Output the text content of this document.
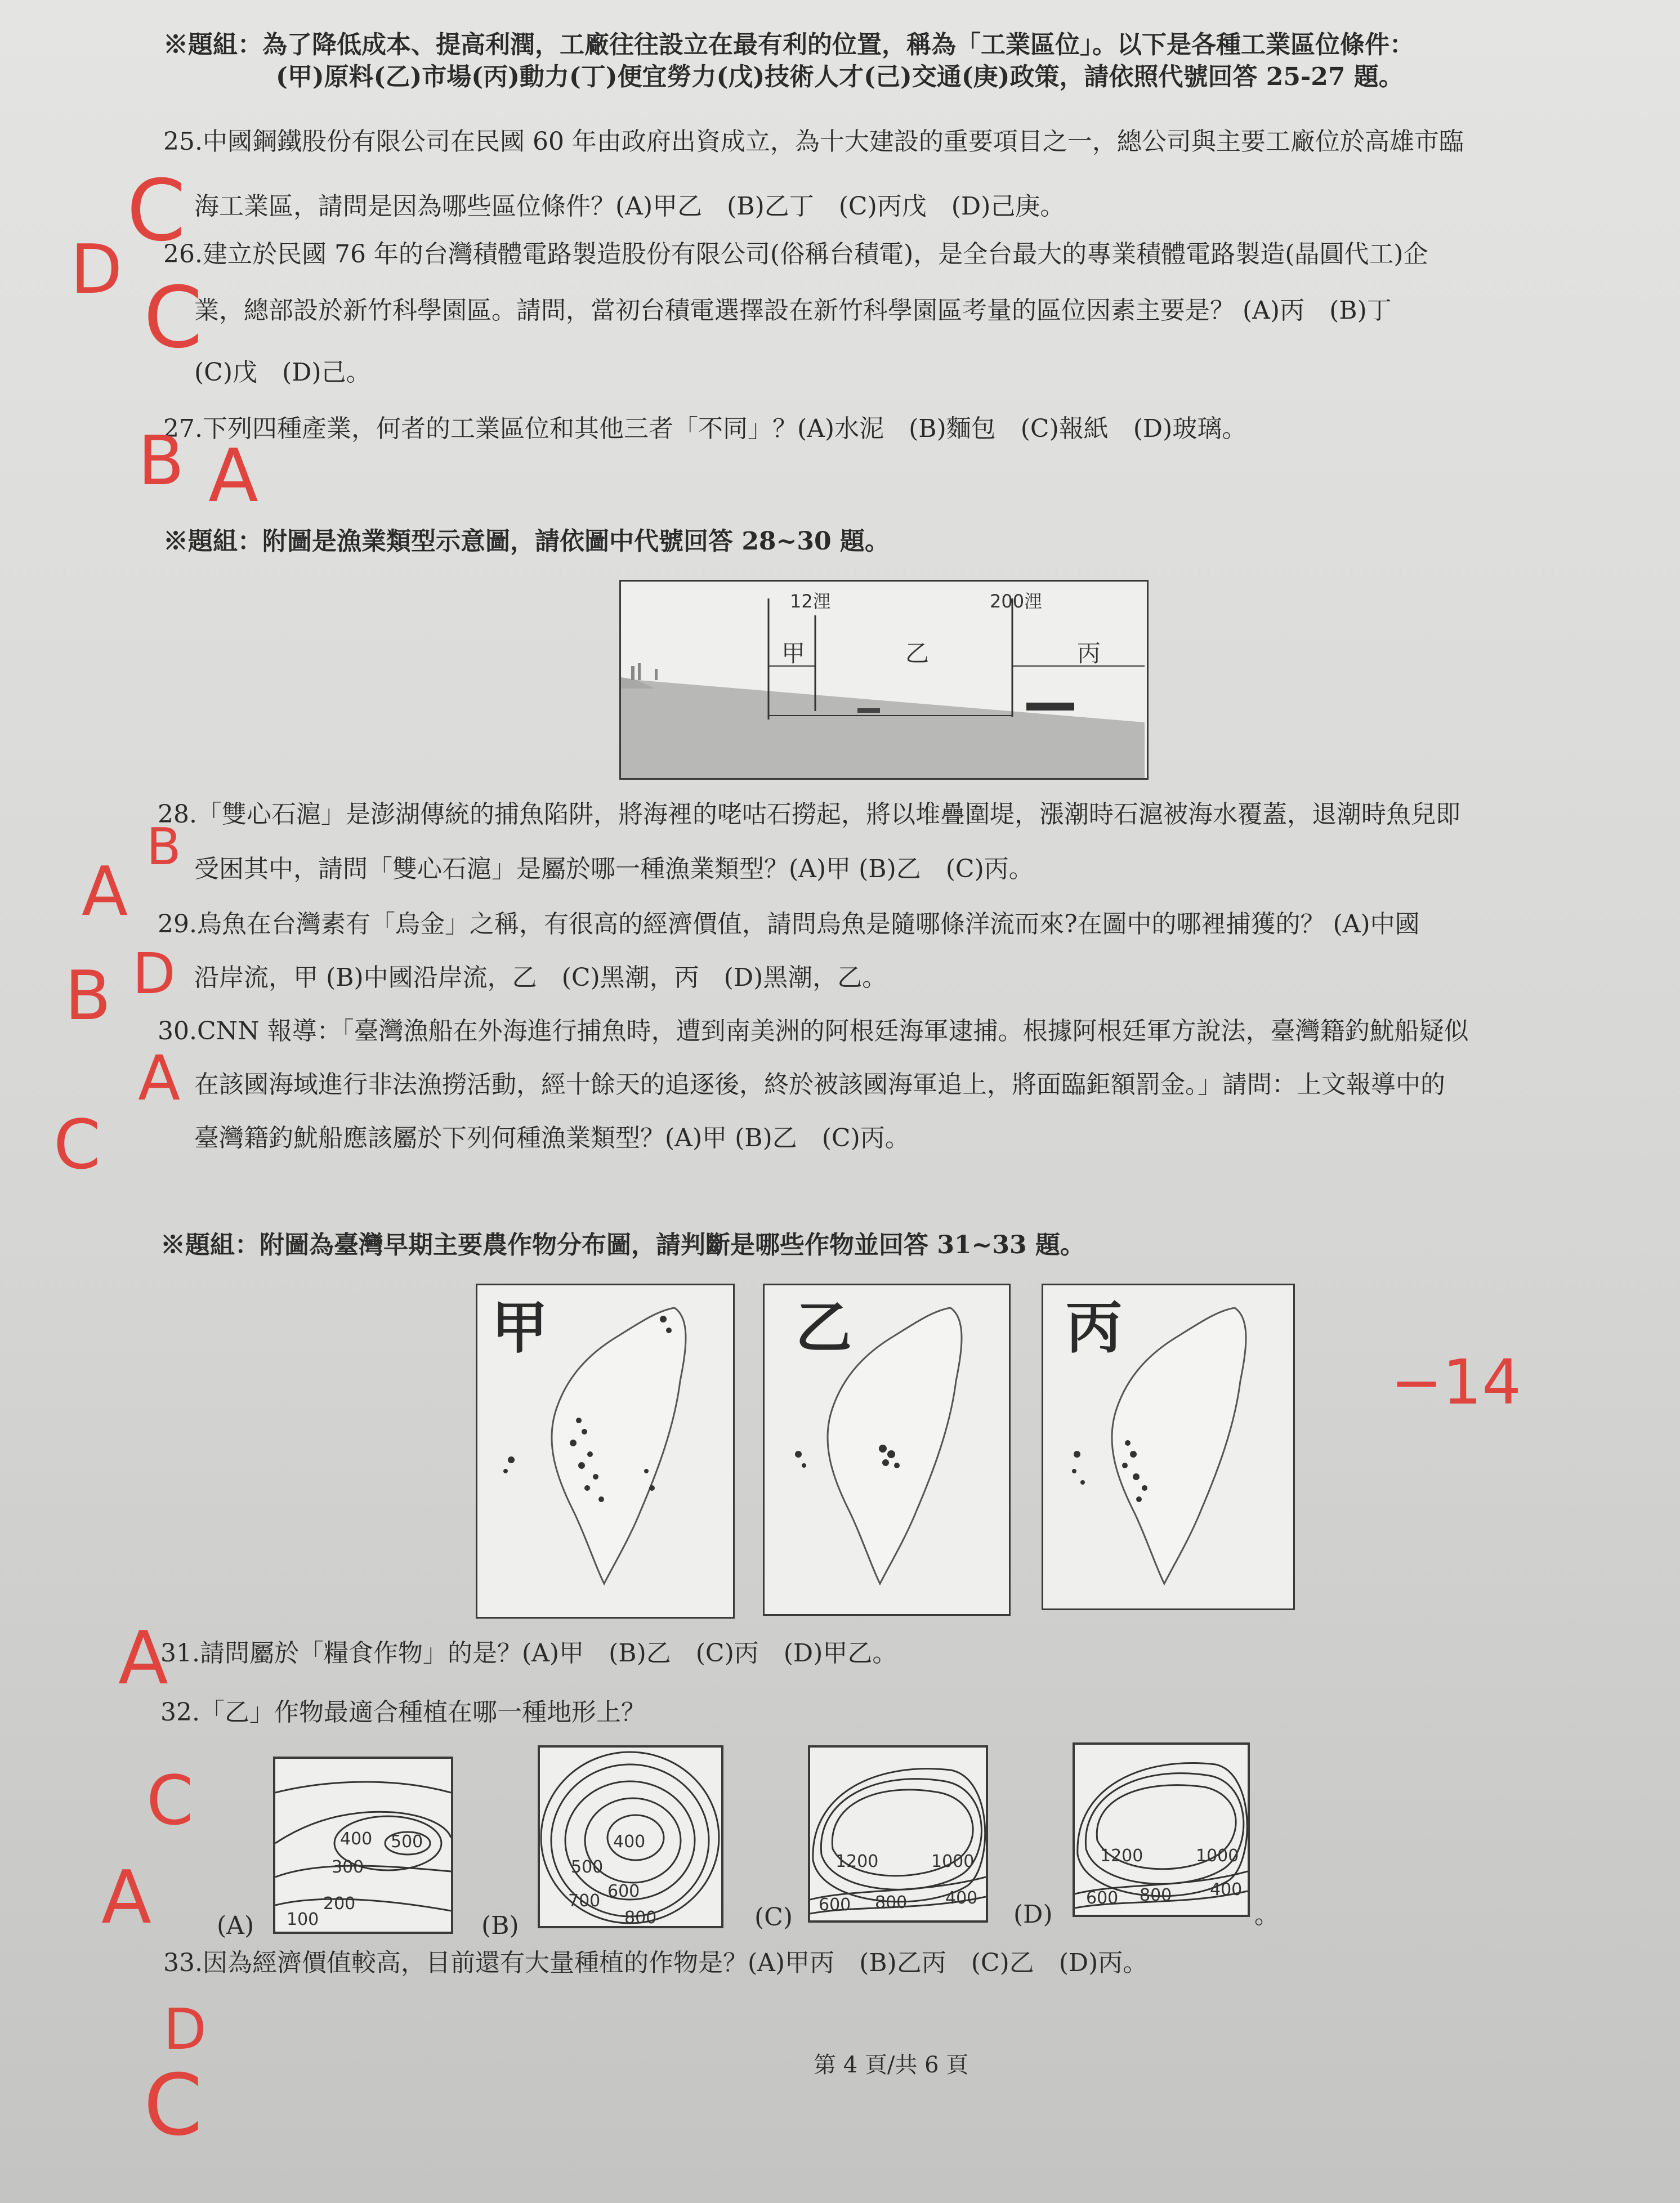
※題組：為了降低成本、提高利潤，工廠往往設立在最有利的位置，稱為「工業區位」。以下是各種工業區位條件：
(甲)原料(乙)市場(丙)動力(丁)便宜勞力(戊)技術人才(己)交通(庚)政策，請依照代號回答 25-27 題。
25.中國鋼鐵股份有限公司在民國 60 年由政府出資成立，為十大建設的重要項目之一，總公司與主要工廠位於高雄市臨
海工業區，請問是因為哪些區位條件？(A)甲乙　(B)乙丁　(C)丙戊　(D)己庚。
26.建立於民國 76 年的台灣積體電路製造股份有限公司(俗稱台積電)，是全台最大的專業積體電路製造(晶圓代工)企
業，總部設於新竹科學園區。請問，當初台積電選擇設在新竹科學園區考量的區位因素主要是？ (A)丙　(B)丁
(C)戊　(D)己。
27.下列四種產業，何者的工業區位和其他三者「不同」？(A)水泥　(B)麵包　(C)報紙　(D)玻璃。
※題組：附圖是漁業類型示意圖，請依圖中代號回答 28~30 題。
12浬	200浬
甲	乙	丙
28.「雙心石滬」是澎湖傳統的捕魚陷阱，將海裡的咾咕石撈起，將以堆疊圍堤，漲潮時石滬被海水覆蓋，退潮時魚兒即
受困其中，請問「雙心石滬」是屬於哪一種漁業類型？(A)甲 (B)乙　(C)丙。
29.烏魚在台灣素有「烏金」之稱，有很高的經濟價值，請問烏魚是隨哪條洋流而來?在圖中的哪裡捕獲的？ (A)中國
沿岸流，甲 (B)中國沿岸流，乙　(C)黑潮，丙　(D)黑潮，乙。
30.CNN 報導：「臺灣漁船在外海進行捕魚時，遭到南美洲的阿根廷海軍逮捕。根據阿根廷軍方說法，臺灣籍釣魷船疑似
在該國海域進行非法漁撈活動，經十餘天的追逐後，終於被該國海軍追上，將面臨鉅額罰金。」請問：上文報導中的
臺灣籍釣魷船應該屬於下列何種漁業類型？(A)甲 (B)乙　(C)丙。
※題組：附圖為臺灣早期主要農作物分布圖，請判斷是哪些作物並回答 31~33 題。
甲	乙	丙
31.請問屬於「糧食作物」的是？(A)甲　(B)乙　(C)丙　(D)甲乙。
32.「乙」作物最適合種植在哪一種地形上？
(A)
400 500
300
200
100	(B)
400
500
600
700
800	(C)
1200	1000
600 800 400
(D)
1200	1000
600 800 400
。
33.因為經濟價值較高，目前還有大量種植的作物是？(A)甲丙　(B)乙丙　(C)乙　(D)丙。
第 4 頁/共 6 頁
C
D C
B A
−14
B
A
D
B
A
C
A
C
A
D
C
